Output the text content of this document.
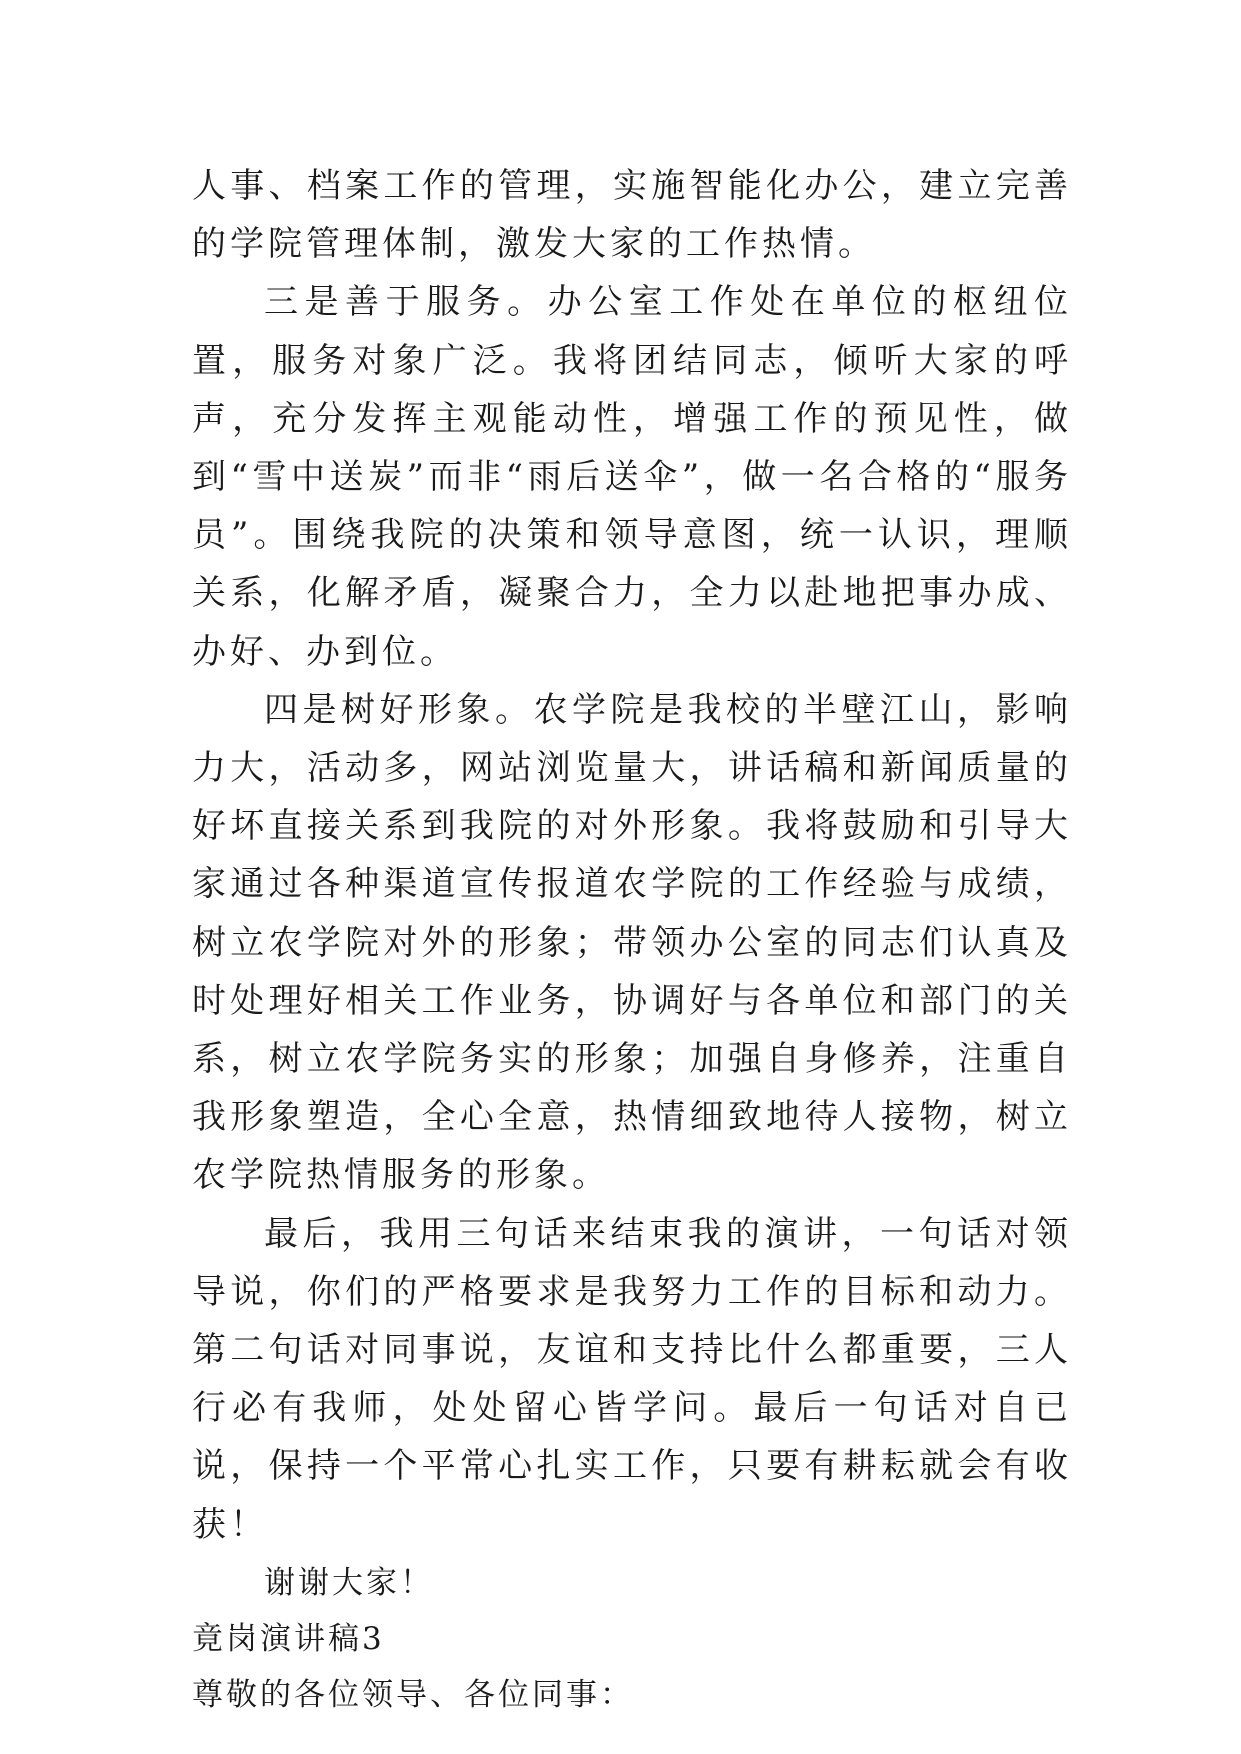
人事、档案工作的管理，实施智能化办公，建立完善的学院管理体制，激发大家的工作热情。

三是善于服务。办公室工作处在单位的枢纽位置，服务对象广泛。我将团结同志，倾听大家的呼声，充分发挥主观能动性，增强工作的预见性，做到“雪中送炭”而非“雨后送伞”，做一名合格的“服务员”。围绕我院的决策和领导意图，统一认识，理顺关系，化解矛盾，凝聚合力，全力以赴地把事办成、办好、办到位。

四是树好形象。农学院是我校的半壁江山，影响力大，活动多，网站浏览量大，讲话稿和新闻质量的好坏直接关系到我院的对外形象。我将鼓励和引导大家通过各种渠道宣传报道农学院的工作经验与成绩，树立农学院对外的形象；带领办公室的同志们认真及时处理好相关工作业务，协调好与各单位和部门的关系，树立农学院务实的形象；加强自身修养，注重自我形象塑造，全心全意，热情细致地待人接物，树立农学院热情服务的形象。

最后，我用三句话来结束我的演讲，一句话对领导说，你们的严格要求是我努力工作的目标和动力。第二句话对同事说，友谊和支持比什么都重要，三人行必有我师，处处留心皆学问。最后一句话对自已说，保持一个平常心扎实工作，只要有耕耘就会有收获！

谢谢大家！

竟岗演讲稿3

尊敬的各位领导、各位同事：
